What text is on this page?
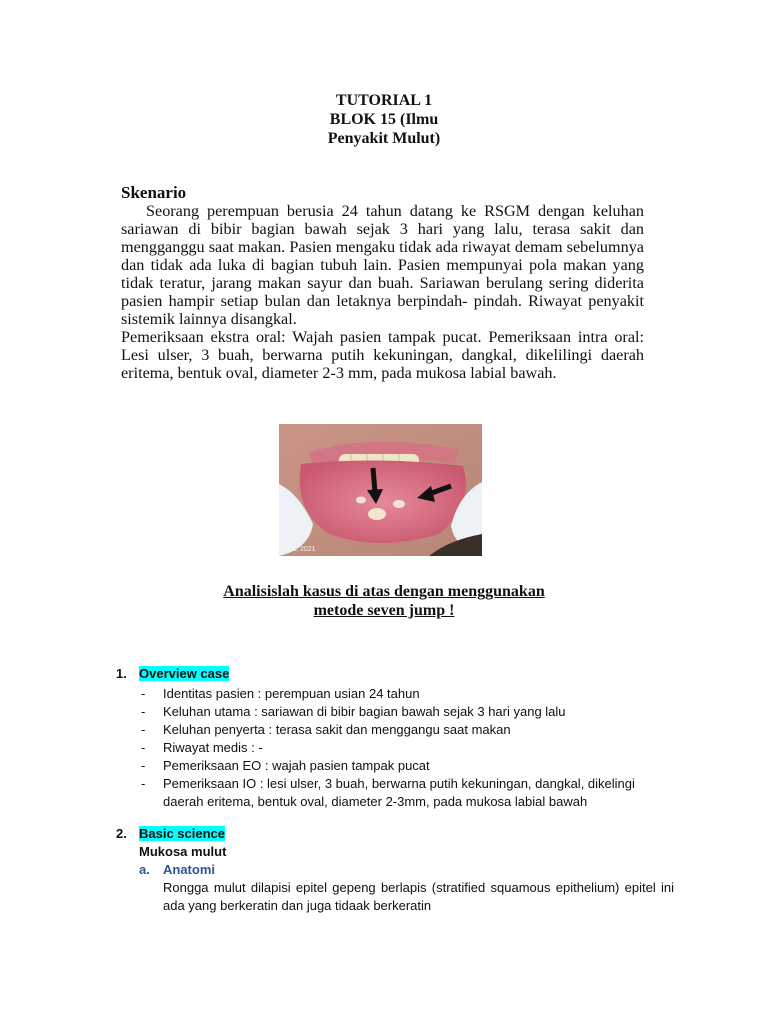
TUTORIAL 1
BLOK 15 (Ilmu
Penyakit Mulut)
Skenario

Seorang perempuan berusia 24 tahun datang ke RSGM dengan keluhan sariawan di bibir bagian bawah sejak 3 hari yang lalu, terasa sakit dan mengganggu saat makan. Pasien mengaku tidak ada riwayat demam sebelumnya dan tidak ada luka di bagian tubuh lain. Pasien mempunyai pola makan yang tidak teratur, jarang makan sayur dan buah. Sariawan berulang sering diderita pasien hampir setiap bulan dan letaknya berpindah- pindah. Riwayat penyakit sistemik lainnya disangkal.

Pemeriksaan ekstra oral: Wajah pasien tampak pucat. Pemeriksaan intra oral: Lesi ulser, 3 buah, berwarna putih kekuningan, dangkal, dikelilingi daerah eritema, bentuk oval, diameter 2-3 mm, pada mukosa labial bawah.

Irna, 2021
Analisislah kasus di atas dengan menggunakan
metode seven jump !
1. Overview case
- Identitas pasien : perempuan usian 24 tahun
- Keluhan utama : sariawan di bibir bagian bawah sejak 3 hari yang lalu
- Keluhan penyerta : terasa sakit dan menggangu saat makan
- Riwayat medis : -
- Pemeriksaan EO : wajah pasien tampak pucat
- Pemeriksaan IO : lesi ulser, 3 buah, berwarna putih kekuningan, dangkal, dikelingi daerah eritema, bentuk oval, diameter 2-3mm, pada mukosa labial bawah
2. Basic science
Mukosa mulut
a. Anatomi
Rongga mulut dilapisi epitel gepeng berlapis (stratified squamous epithelium) epitel ini ada yang berkeratin dan juga tidaak berkeratin
